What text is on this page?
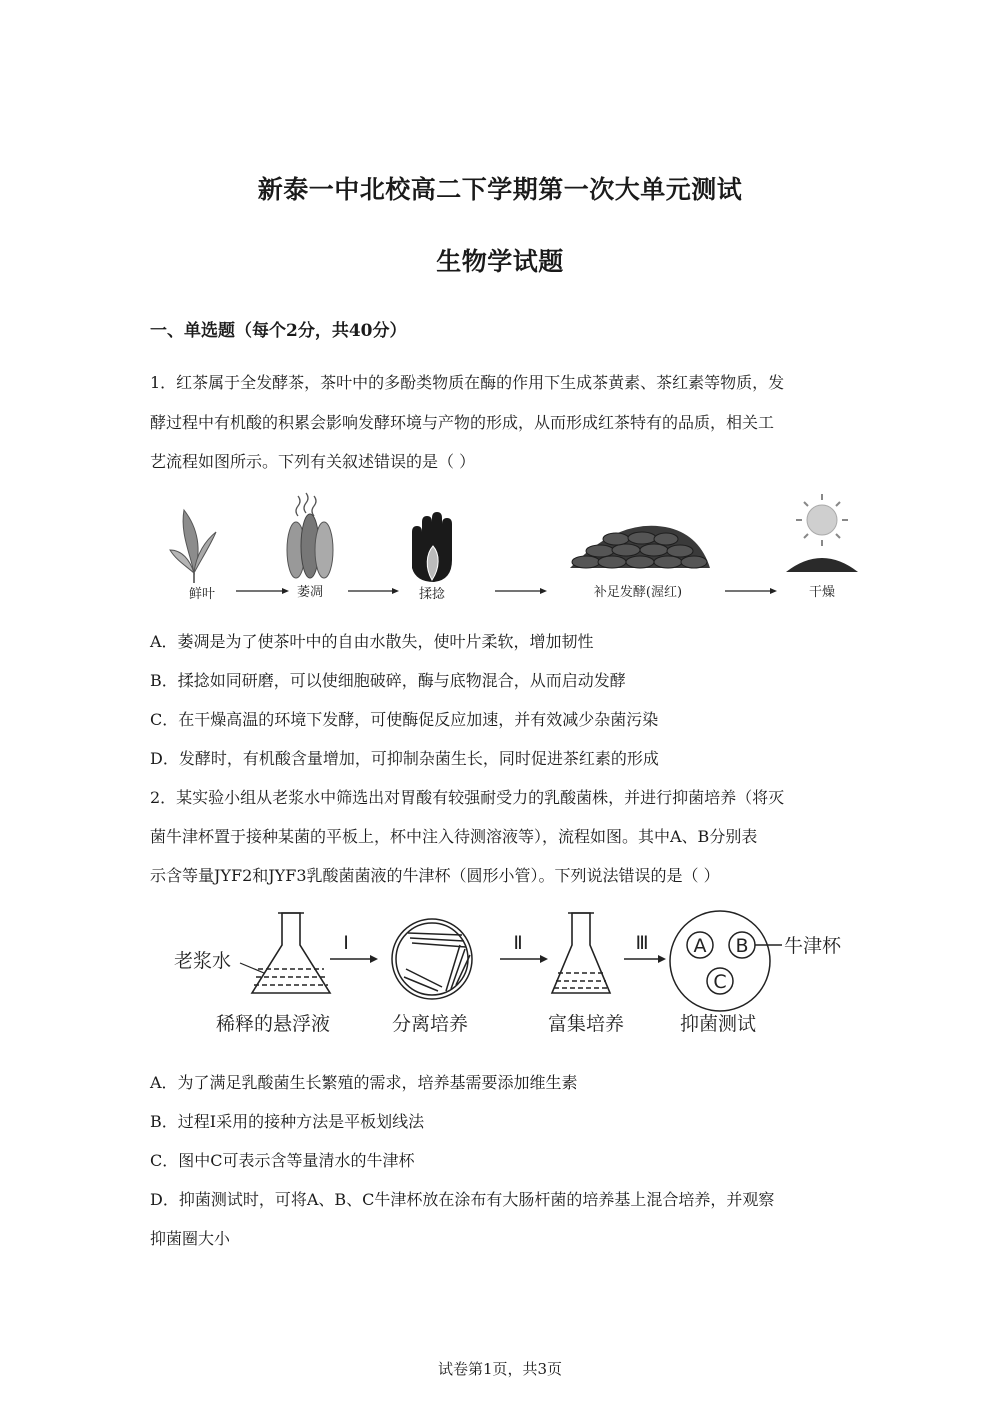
新泰一中北校高二下学期第一次大单元测试
生物学试题
一、单选题（每个2分，共40分）
1．红茶属于全发酵茶，茶叶中的多酚类物质在酶的作用下生成茶黄素、茶红素等物质，发
酵过程中有机酸的积累会影响发酵环境与产物的形成，从而形成红茶特有的品质，相关工
艺流程如图所示。下列有关叙述错误的是（ ）
鲜叶	萎凋	揉捻	补足发酵(渥红)	干燥
A．萎凋是为了使茶叶中的自由水散失，使叶片柔软，增加韧性
B．揉捻如同研磨，可以使细胞破碎，酶与底物混合，从而启动发酵
C．在干燥高温的环境下发酵，可使酶促反应加速，并有效减少杂菌污染
D．发酵时，有机酸含量增加，可抑制杂菌生长，同时促进茶红素的形成
2．某实验小组从老浆水中筛选出对胃酸有较强耐受力的乳酸菌株，并进行抑菌培养（将灭
菌牛津杯置于接种某菌的平板上，杯中注入待测溶液等），流程如图。其中A、B分别表
示含等量JYF2和JYF3乳酸菌菌液的牛津杯（圆形小管）。下列说法错误的是（ ）
老浆水
稀释的悬浮液
Ⅰ
分离培养
Ⅱ
富集培养
Ⅲ A B
C
牛津杯
抑菌测试
A．为了满足乳酸菌生长繁殖的需求，培养基需要添加维生素
B．过程Ⅰ采用的接种方法是平板划线法
C．图中C可表示含等量清水的牛津杯
D．抑菌测试时，可将A、B、C牛津杯放在涂布有大肠杆菌的培养基上混合培养，并观察
抑菌圈大小
试卷第1页，共3页
